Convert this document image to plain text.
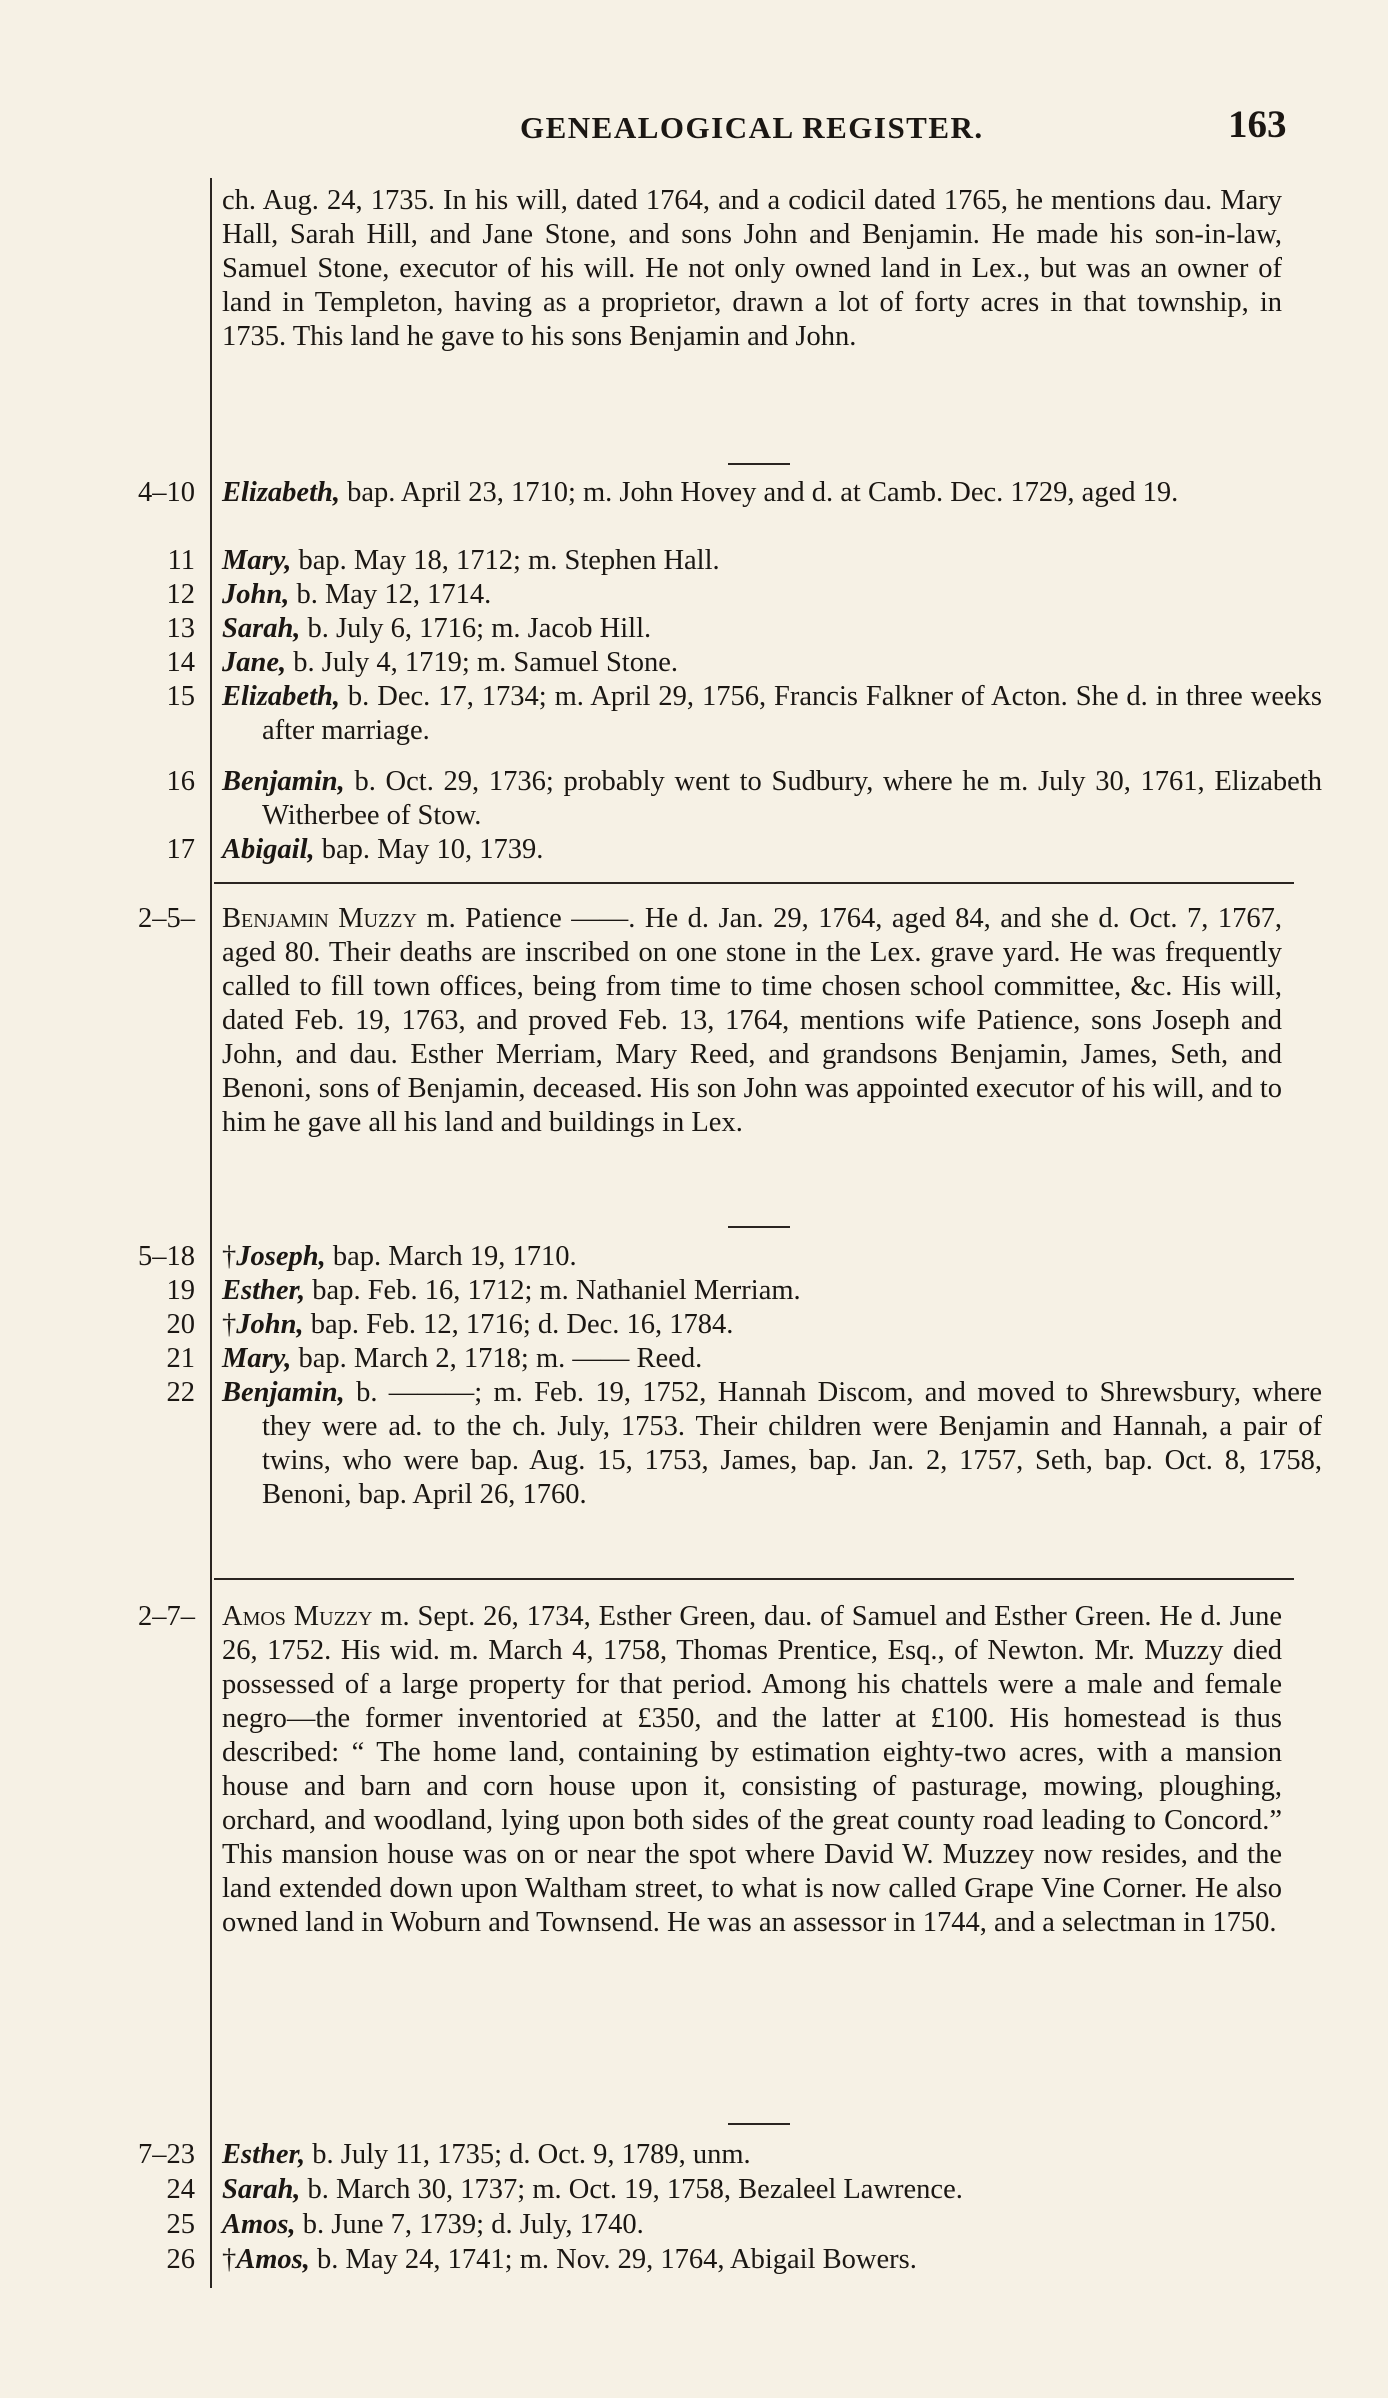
GENEALOGICAL REGISTER.	163

ch. Aug. 24, 1735. In his will, dated 1764, and a codicil dated 1765, he mentions dau. Mary Hall, Sarah Hill, and Jane Stone, and sons John and Benjamin. He made his son-in-law, Samuel Stone, executor of his will. He not only owned land in Lex., but was an owner of land in Templeton, having as a proprietor, drawn a lot of forty acres in that township, in 1735. This land he gave to his sons Benjamin and John.

4–10 Elizabeth, bap. April 23, 1710; m. John Hovey and d. at Camb. Dec. 1729, aged 19.

11 Mary, bap. May 18, 1712; m. Stephen Hall.

12 John, b. May 12, 1714.

13 Sarah, b. July 6, 1716; m. Jacob Hill.

14 Jane, b. July 4, 1719; m. Samuel Stone.

15 Elizabeth, b. Dec. 17, 1734; m. April 29, 1756, Francis Falkner of Acton. She d. in three weeks after marriage.

16 Benjamin, b. Oct. 29, 1736; probably went to Sudbury, where he m. July 30, 1761, Elizabeth Witherbee of Stow.

17 Abigail, bap. May 10, 1739.

2–5– Benjamin Muzzy m. Patience ——. He d. Jan. 29, 1764, aged 84, and she d. Oct. 7, 1767, aged 80. Their deaths are inscribed on one stone in the Lex. grave yard. He was frequently called to fill town offices, being from time to time chosen school committee, &c. His will, dated Feb. 19, 1763, and proved Feb. 13, 1764, mentions wife Patience, sons Joseph and John, and dau. Esther Merriam, Mary Reed, and grandsons Benjamin, James, Seth, and Benoni, sons of Benjamin, deceased. His son John was appointed executor of his will, and to him he gave all his land and buildings in Lex.

5–18 †Joseph, bap. March 19, 1710.

19 Esther, bap. Feb. 16, 1712; m. Nathaniel Merriam.

20 †John, bap. Feb. 12, 1716; d. Dec. 16, 1784.

21 Mary, bap. March 2, 1718; m. —— Reed.

22 Benjamin, b. ———; m. Feb. 19, 1752, Hannah Discom, and moved to Shrewsbury, where they were ad. to the ch. July, 1753. Their children were Benjamin and Hannah, a pair of twins, who were bap. Aug. 15, 1753, James, bap. Jan. 2, 1757, Seth, bap. Oct. 8, 1758, Benoni, bap. April 26, 1760.

2–7– Amos Muzzy m. Sept. 26, 1734, Esther Green, dau. of Samuel and Esther Green. He d. June 26, 1752. His wid. m. March 4, 1758, Thomas Prentice, Esq., of Newton. Mr. Muzzy died possessed of a large property for that period. Among his chattels were a male and female negro—the former inventoried at £350, and the latter at £100. His homestead is thus described: “ The home land, containing by estimation eighty-two acres, with a mansion house and barn and corn house upon it, consisting of pasturage, mowing, ploughing, orchard, and woodland, lying upon both sides of the great county road leading to Concord.” This mansion house was on or near the spot where David W. Muzzey now resides, and the land extended down upon Waltham street, to what is now called Grape Vine Corner. He also owned land in Woburn and Townsend. He was an assessor in 1744, and a selectman in 1750.

7–23 Esther, b. July 11, 1735; d. Oct. 9, 1789, unm.

24 Sarah, b. March 30, 1737; m. Oct. 19, 1758, Bezaleel Lawrence.

25 Amos, b. June 7, 1739; d. July, 1740.

26 †Amos, b. May 24, 1741; m. Nov. 29, 1764, Abigail Bowers.
